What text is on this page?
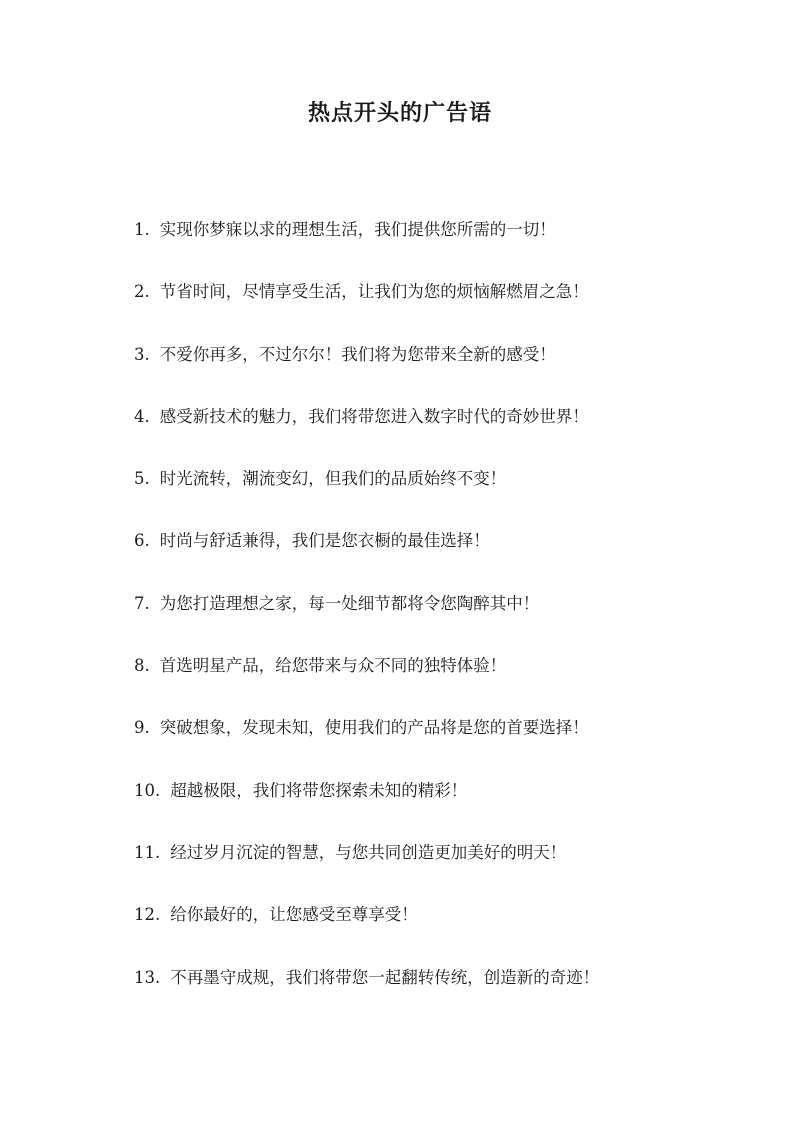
热点开头的广告语
1. 实现你梦寐以求的理想生活，我们提供您所需的一切！
2. 节省时间，尽情享受生活，让我们为您的烦恼解燃眉之急！
3. 不爱你再多，不过尔尔！我们将为您带来全新的感受！
4. 感受新技术的魅力，我们将带您进入数字时代的奇妙世界！
5. 时光流转，潮流变幻，但我们的品质始终不变！
6. 时尚与舒适兼得，我们是您衣橱的最佳选择！
7. 为您打造理想之家，每一处细节都将令您陶醉其中！
8. 首选明星产品，给您带来与众不同的独特体验！
9. 突破想象，发现未知，使用我们的产品将是您的首要选择！
10. 超越极限，我们将带您探索未知的精彩！
11. 经过岁月沉淀的智慧，与您共同创造更加美好的明天！
12. 给你最好的，让您感受至尊享受！
13. 不再墨守成规，我们将带您一起翻转传统，创造新的奇迹！
